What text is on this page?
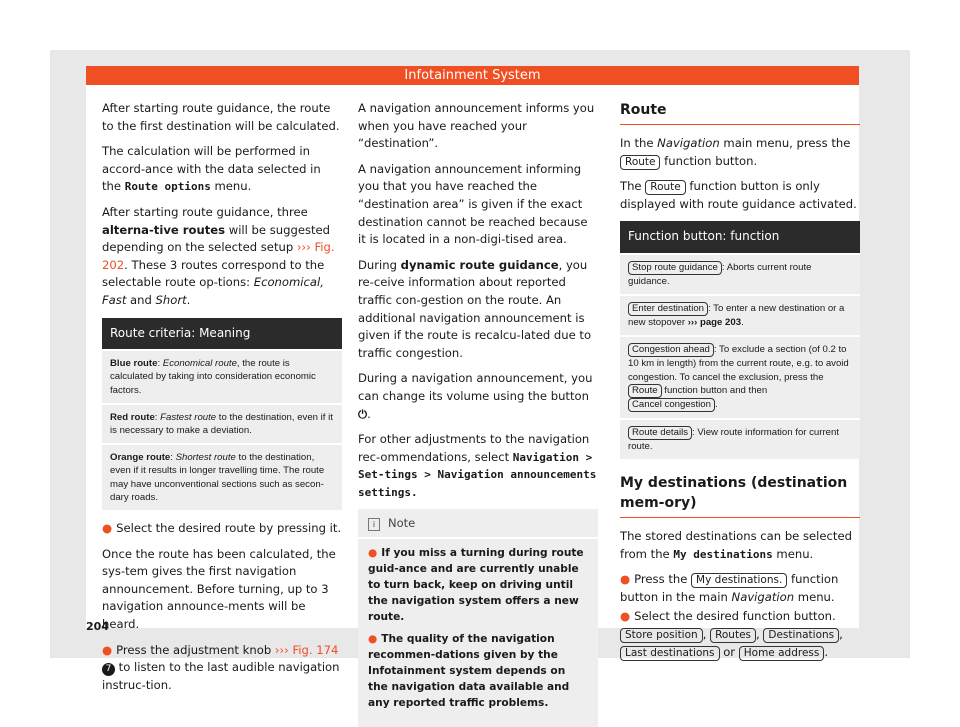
Infotainment System

After starting route guidance, the route to the first destination will be calculated.

The calculation will be performed in accord-ance with the data selected in the Route options menu.

After starting route guidance, three alterna-tive routes will be suggested depending on the selected setup ››› Fig. 202. These 3 routes correspond to the selectable route op-tions: Economical, Fast and Short.

Route criteria: Meaning
Blue route: Economical route, the route is calculated by taking into consideration economic factors.
Red route: Fastest route to the destination, even if it is necessary to make a deviation.
Orange route: Shortest route to the destination, even if it results in longer travelling time. The route may have unconventional sections such as secon-dary roads.

● Select the desired route by pressing it.

Once the route has been calculated, the sys-tem gives the first navigation announcement. Before turning, up to 3 navigation announce-ments will be heard.

● Press the adjustment knob ››› Fig. 174 7 to listen to the last audible navigation instruc-tion.

A navigation announcement informs you when you have reached your “destination”.

A navigation announcement informing you that you have reached the “destination area” is given if the exact destination cannot be reached because it is located in a non-digi-tised area.

During dynamic route guidance, you re-ceive information about reported traffic con-gestion on the route. An additional navigation announcement is given if the route is recalcu-lated due to traffic congestion.

During a navigation announcement, you can change its volume using the button ⏻.

For other adjustments to the navigation rec-ommendations, select Navigation > Set-tings > Navigation announcements settings.

i Note
● If you miss a turning during route guid-ance and are currently unable to turn back, keep on driving until the navigation system offers a new route.
● The quality of the navigation recommen-dations given by the Infotainment system depends on the navigation data available and any reported traffic problems.
Route

In the Navigation main menu, press the Route function button.

The Route function button is only displayed with route guidance activated.

Function button: function
Stop route guidance : Aborts current route guidance.
Enter destination : To enter a new destination or a new stopover ››› page 203.
Congestion ahead : To exclude a section (of 0.2 to 10 km in length) from the current route, e.g. to avoid congestion. To cancel the exclusion, press the Route function button and then Cancel congestion .
Route details : View route information for current route.
My destinations (destination mem-ory)

The stored destinations can be selected from the My destinations menu.

● Press the My destinations. function button in the main Navigation menu.

● Select the desired function button.
Store position , Routes , Destinations ,
Last destinations or Home address .

204
